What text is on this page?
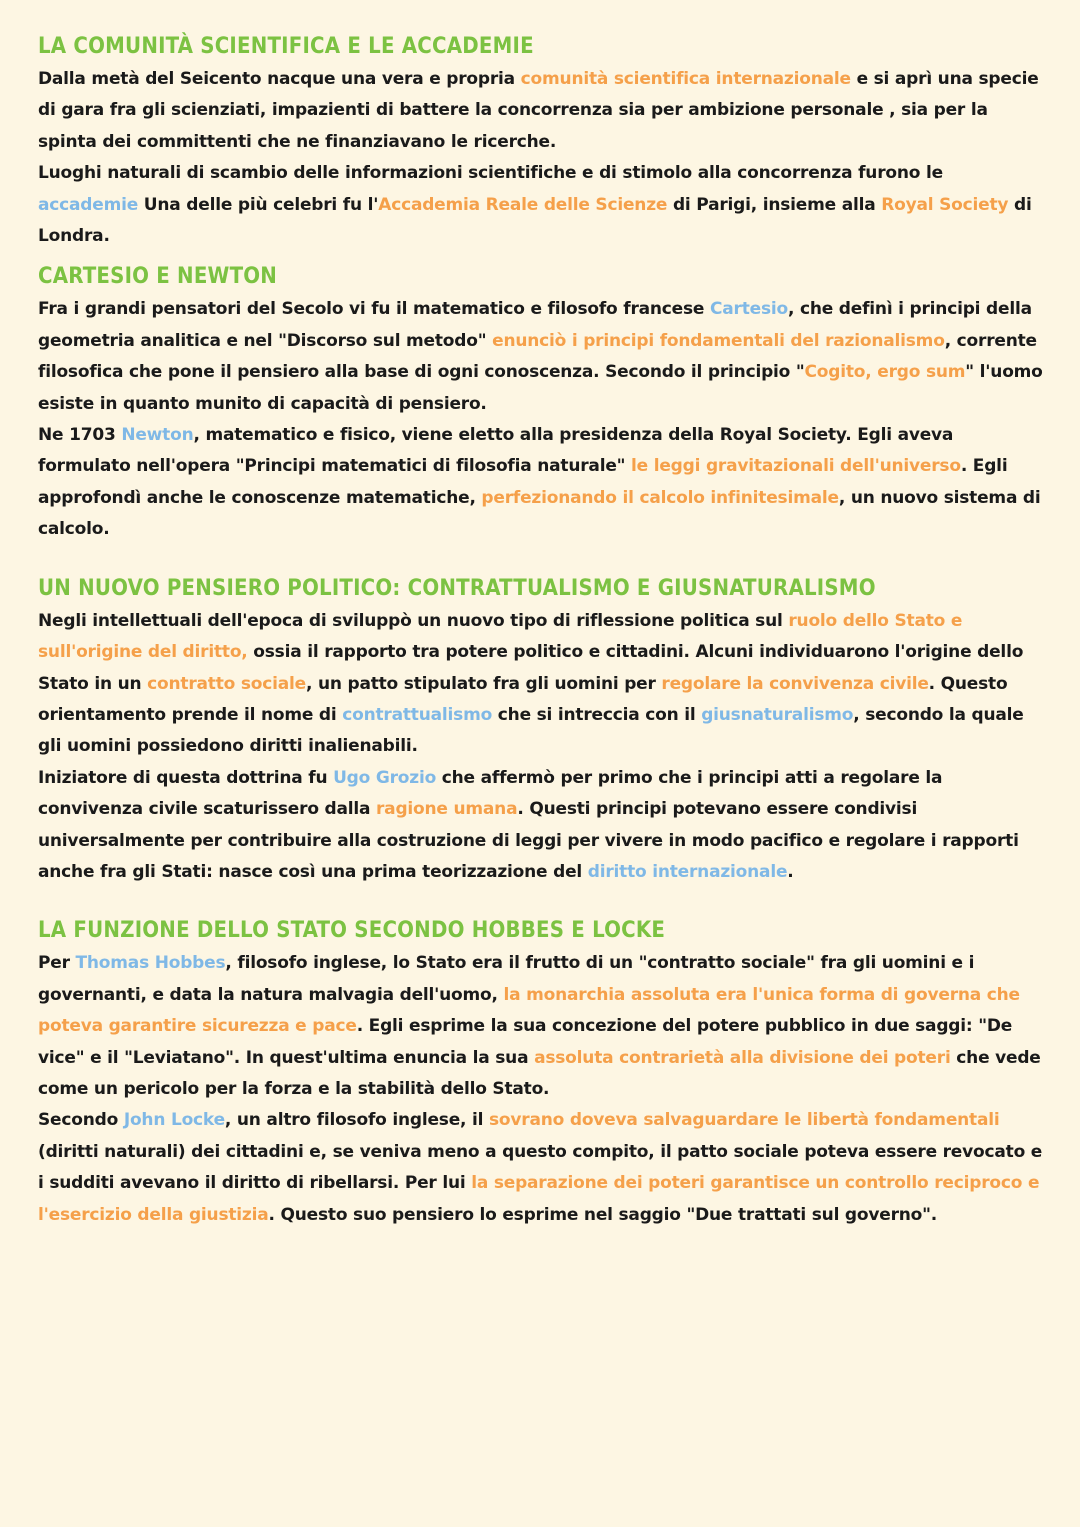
LA COMUNITÀ SCIENTIFICA E LE ACCADEMIE

Dalla metà del Seicento nacque una vera e propria comunità scientifica internazionale e si aprì una specie di gara fra gli scienziati, impazienti di battere la concorrenza sia per ambizione personale , sia per la spinta dei committenti che ne finanziavano le ricerche.

Luoghi naturali di scambio delle informazioni scientifiche e di stimolo alla concorrenza furono le accademie Una delle più celebri fu l'Accademia Reale delle Scienze di Parigi, insieme alla Royal Society di Londra.

CARTESIO E NEWTON

Fra i grandi pensatori del Secolo vi fu il matematico e filosofo francese Cartesio, che definì i principi della geometria analitica e nel "Discorso sul metodo" enunciò i principi fondamentali del razionalismo, corrente filosofica che pone il pensiero alla base di ogni conoscenza. Secondo il principio "Cogito, ergo sum" l'uomo esiste in quanto munito di capacità di pensiero.

Ne 1703 Newton, matematico e fisico, viene eletto alla presidenza della Royal Society. Egli aveva formulato nell'opera "Principi matematici di filosofia naturale" le leggi gravitazionali dell'universo. Egli approfondì anche le conoscenze matematiche, perfezionando il calcolo infinitesimale, un nuovo sistema di calcolo.

UN NUOVO PENSIERO POLITICO: CONTRATTUALISMO E GIUSNATURALISMO

Negli intellettuali dell'epoca di sviluppò un nuovo tipo di riflessione politica sul ruolo dello Stato e sull'origine del diritto, ossia il rapporto tra potere politico e cittadini. Alcuni individuarono l'origine dello Stato in un contratto sociale, un patto stipulato fra gli uomini per regolare la convivenza civile. Questo orientamento prende il nome di contrattualismo che si intreccia con il giusnaturalismo, secondo la quale gli uomini possiedono diritti inalienabili.

Iniziatore di questa dottrina fu Ugo Grozio che affermò per primo che i principi atti a regolare la convivenza civile scaturissero dalla ragione umana. Questi principi potevano essere condivisi universalmente per contribuire alla costruzione di leggi per vivere in modo pacifico e regolare i rapporti anche fra gli Stati: nasce così una prima teorizzazione del diritto internazionale.

LA FUNZIONE DELLO STATO SECONDO HOBBES E LOCKE

Per Thomas Hobbes, filosofo inglese, lo Stato era il frutto di un "contratto sociale" fra gli uomini e i governanti, e data la natura malvagia dell'uomo, la monarchia assoluta era l'unica forma di governa che poteva garantire sicurezza e pace. Egli esprime la sua concezione del potere pubblico in due saggi: "De vice" e il "Leviatano". In quest'ultima enuncia la sua assoluta contrarietà alla divisione dei poteri che vede come un pericolo per la forza e la stabilità dello Stato.

Secondo John Locke, un altro filosofo inglese, il sovrano doveva salvaguardare le libertà fondamentali (diritti naturali) dei cittadini e, se veniva meno a questo compito, il patto sociale poteva essere revocato e i sudditi avevano il diritto di ribellarsi. Per lui la separazione dei poteri garantisce un controllo reciproco e l'esercizio della giustizia. Questo suo pensiero lo esprime nel saggio "Due trattati sul governo".
